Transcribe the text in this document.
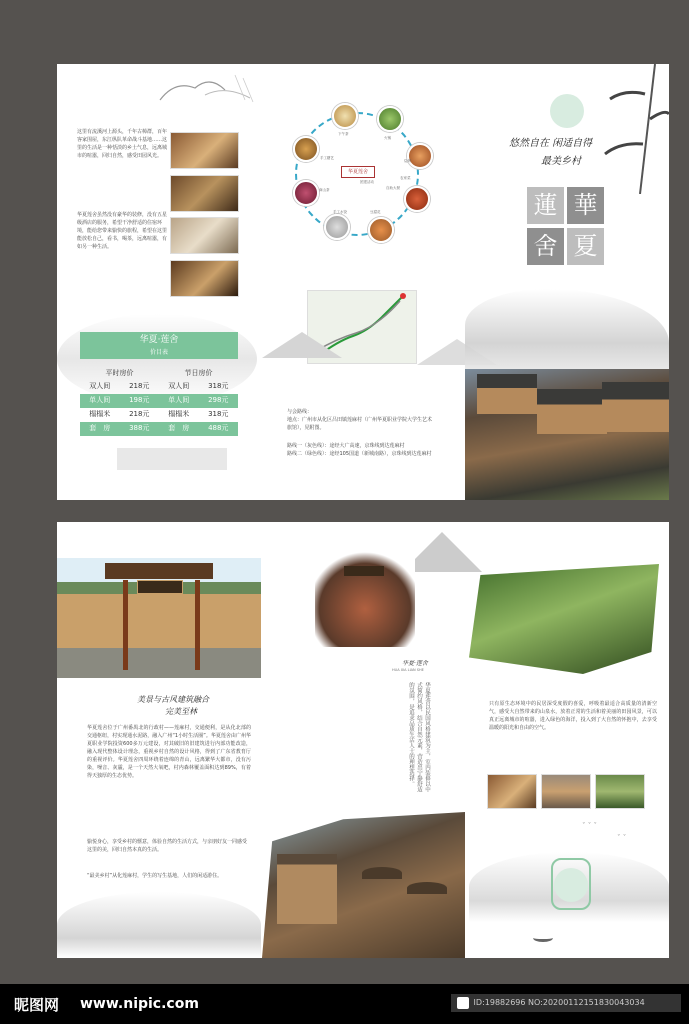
这里有流溪河上源头，千年古樟群，百年客家围屋，东江纵队革命战斗基地……这里的生活是一种恬淡的乡土气息，远离城市的喧嚣，回归自然，感受田园风光。
华夏莲舍虽然没有豪华的装修，没有五星级酒店的服务，希望干净舒适的住宿环境，能给您带来愉快的旅程，希望在这里能放松自己，看书，喝茶，远离喧嚣，有如另一种生活。
华夏·莲舍
价目表
平时房价	节日房价
双人间	218元	双人间	318元
单人间	198元	单人间	298元
榻榻米	218元	榻榻米	318元
套　房	388元	套　房	488元
华夏莲舍
下午茶
火锅
烧烤
农家菜
自助大餐
豆腐花
手工糖艺
商山茶
手工水饺
团建活动
与会路线：
地点：广州市从化区吕田镇莲麻村（广州华夏职业学院大学生艺术旅馆），见附图。
路线一（灰色线）：途经大广高速，京珠线到达莲麻村
路线二（绿色线）：途经105国道（新城南路），京珠线到达莲麻村
悠然自在 闲适自得
最美乡村
蓮 華
舍 夏
美景与古风建筑融合
完美至林
华夏莲舍位于广州番禺北的行政村——莲麻村，交通便利，是从化北部的交通枢纽，村实现通水泥路，融入广州“1小时生活圈”。华夏莲舍由广州华夏职业学院投资600多万元建设，对其破旧的旧建筑进行内部功能改造，融入现代整体设计理念，重视乡村自然的设计风格，得到了广东省教育厅的重视评价。华夏莲舍四周环绕着连绵的青山，远离繁华大都市，没有污染，噪音、灰霾，是一个天然大氧吧，村内森林覆盖面积达到89%，有着得天独厚的生态优势。
愉悦身心，享受乡村的惬意，体验自然的生活方式，与亲朋好友一同感受这里的美，回归自然本真的生活。
“最美乡村”从化莲麻村，学生的写生基地，人们的闲适游住。
华夏·莲舍
HUA XIA LIAN SHE
华夏莲舍以民国风格建筑为主，室内装修以中式简约风格，结合自然元素，营造出宁静舒适的氛围，是追求品质生活人士的理想选择。	只有原生态环境中的民居深受度假的喜爱，呼吸着最适合高质量的清新空气，感受大自然带来的山泉水，放着正常的生活和着美丽的田园风景，可以真正远离城市的喧嚣，进入绿色的海洋，投入到了大自然的怀抱中，去享受温暖的阳光和自由的空气。
ˇ ˇ ˇ
ˇ ˇ
昵图网 www.nipic.com	ID:19882696 NO:20200112151830043034
